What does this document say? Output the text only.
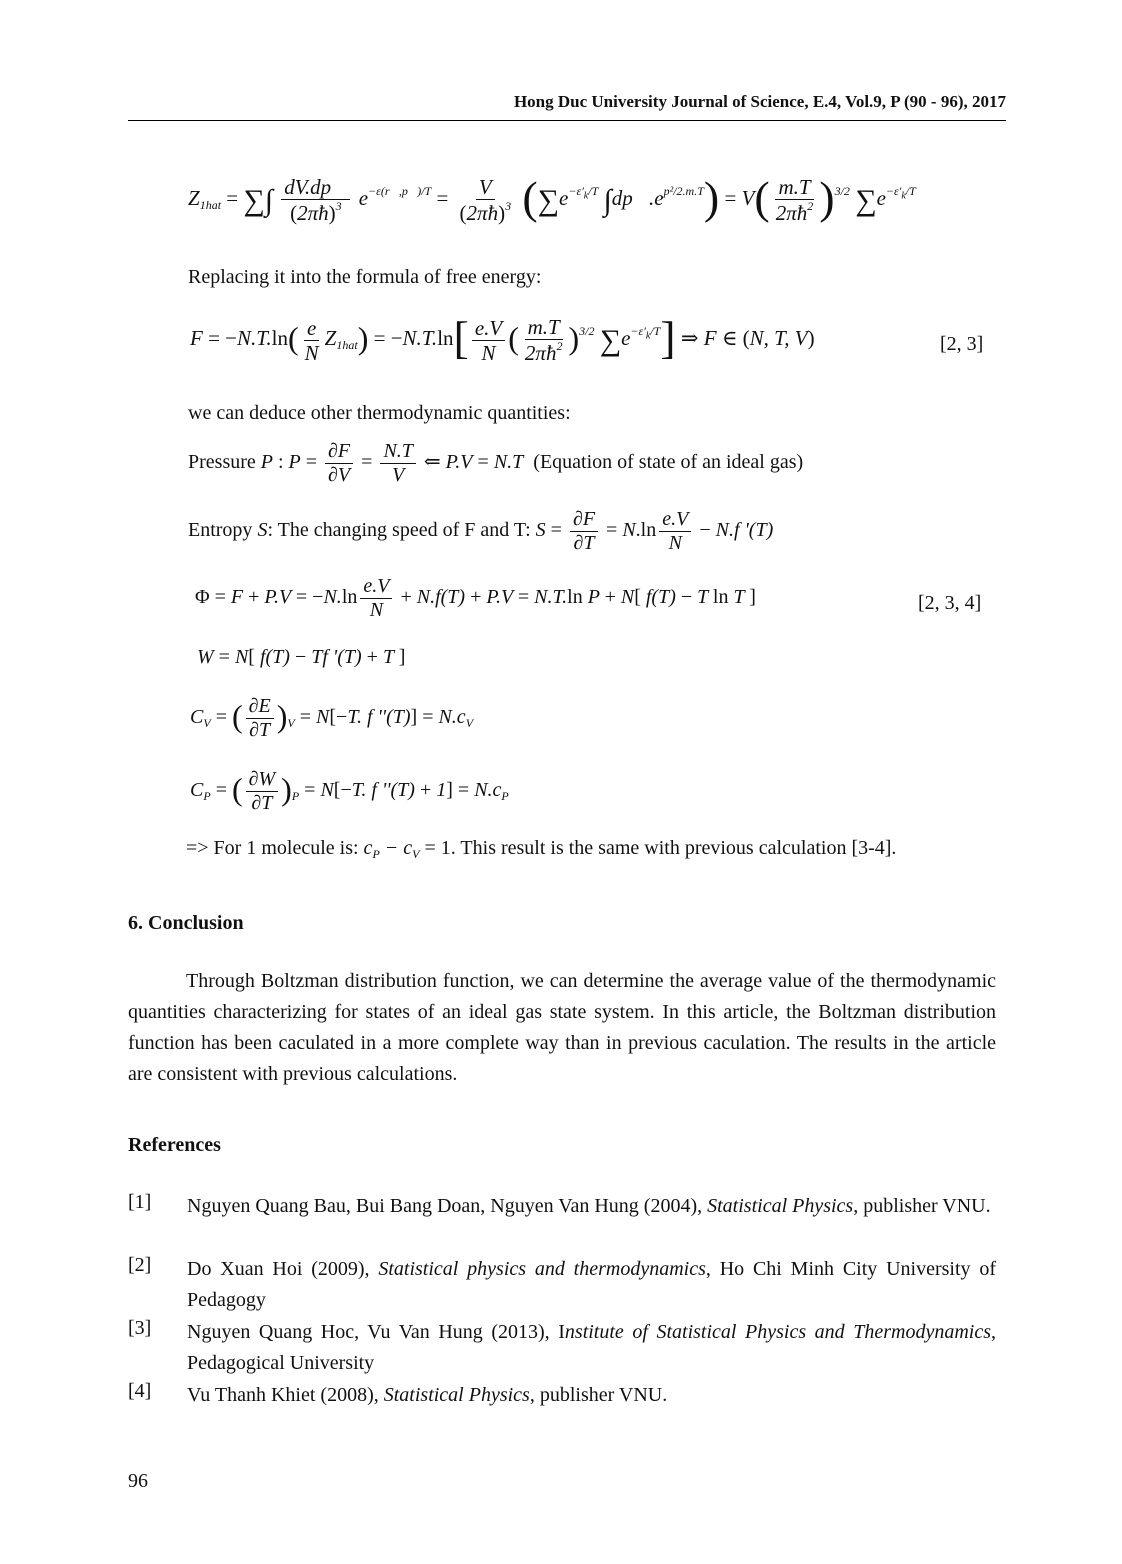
Hong Duc University Journal of Science, E.4, Vol.9, P (90 - 96), 2017
$Z_{1hat}$ = ∑∫ $\frac{dV.dp⃗}{(2\pi ħ)^3} e^{-\varepsilon(r⃗,p⃗)/T} = \frac{V}{(2\pi ħ)^3} (\sum e^{-\varepsilon'_k/T}$ $\int dp⃗.e^{p^2/2.m.T}) = V( \frac{m.T}{2\pi ħ^2} )^{3/2}$ $\sum e^{-\varepsilon'_k/T}$
Replacing it into the formula of free energy:
$F = -N.T.\ln( \frac{e}{N} Z_{1hat}) = -N.T.\ln[ \frac{e.V}{N}$ ( $\frac{m.T}{2\pi ħ^2} )^{3/2}$ $\sum e^{-\varepsilon'_k/T}$] ⇒ F ∈ (N, T, V)	[2, 3]
we can deduce other thermodynamic quantities:
Pressure P : $P = \frac{\partial F}{\partial V} = \frac{N.T}{V}$ ⇐ P.V = N.T (Equation of state of an ideal gas)
Entropy S: The changing speed of F and T: $S = \frac{\partial F}{\partial T} = N.\ln \frac{e.V}{N} - N.f$ '(T)
$\Phi = F + P.V = -N.\ln \frac{e.V}{N} + N.f(T) + P.V = N.T.\ln$ P + N[ f(T) − T ln T ]	[2, 3, 4]
W = N[ f(T) − Tf '(T) + T ]
$C_V$ = ( $\frac{\partial E}{\partial T} )_V = N[-T$. f ''$(T)] = N.c_V$
$C_P$ = ( $\frac{\partial W}{\partial T} )_P = N[-T$. f ''$(T) + 1] = N.c_P$
=> For 1 molecule is: $c_P - c_V = 1$. This result is the same with previous calculation [3-4].
6. Conclusion
Through Boltzman distribution function, we can determine the average value of the thermodynamic quantities characterizing for states of an ideal gas state system. In this article, the Boltzman distribution function has been caculated in a more complete way than in previous caculation. The results in the article are consistent with previous calculations.
References
[1] Nguyen Quang Bau, Bui Bang Doan, Nguyen Van Hung (2004), Statistical Physics, publisher VNU.
[2] Do Xuan Hoi (2009), Statistical physics and thermodynamics, Ho Chi Minh City University of Pedagogy
[3] Nguyen Quang Hoc, Vu Van Hung (2013), Institute of Statistical Physics and Thermodynamics, Pedagogical University
[4] Vu Thanh Khiet (2008), Statistical Physics, publisher VNU.
96
